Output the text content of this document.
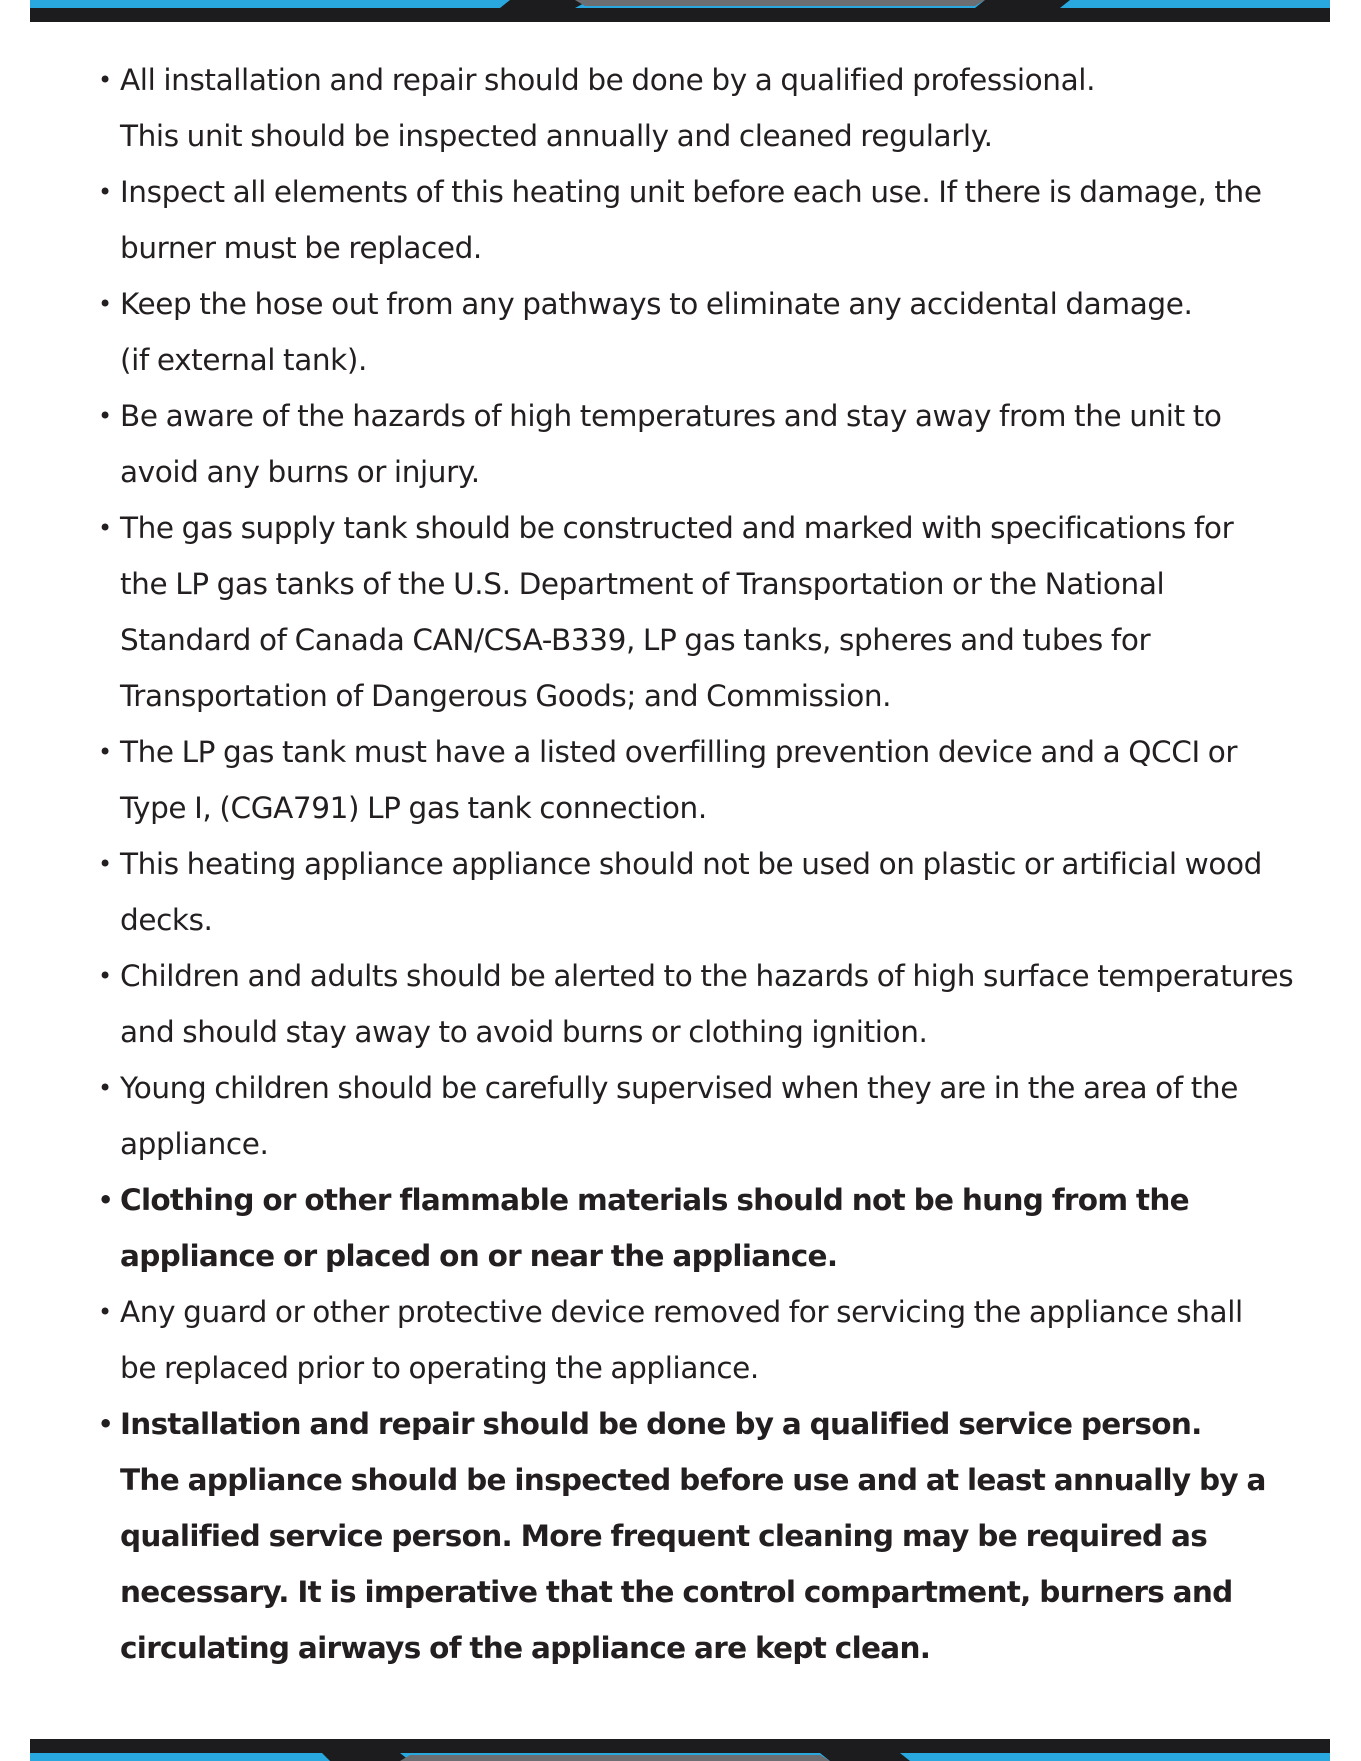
• All installation and repair should be done by a qualified professional.
This unit should be inspected annually and cleaned regularly.
• Inspect all elements of this heating unit before each use. If there is damage, the
burner must be replaced.
• Keep the hose out from any pathways to eliminate any accidental damage.
(if external tank).
• Be aware of the hazards of high temperatures and stay away from the unit to
avoid any burns or injury.
• The gas supply tank should be constructed and marked with specifications for
the LP gas tanks of the U.S. Department of Transportation or the National
Standard of Canada CAN/CSA-B339, LP gas tanks, spheres and tubes for
Transportation of Dangerous Goods; and Commission.
• The LP gas tank must have a listed overfilling prevention device and a QCCI or
Type I, (CGA791) LP gas tank connection.
• This heating appliance appliance should not be used on plastic or artificial wood
decks.
• Children and adults should be alerted to the hazards of high surface temperatures
and should stay away to avoid burns or clothing ignition.
• Young children should be carefully supervised when they are in the area of the
appliance.
• Clothing or other flammable materials should not be hung from the
appliance or placed on or near the appliance.
• Any guard or other protective device removed for servicing the appliance shall
be replaced prior to operating the appliance.
• Installation and repair should be done by a qualified service person.
The appliance should be inspected before use and at least annually by a
qualified service person. More frequent cleaning may be required as
necessary. It is imperative that the control compartment, burners and
circulating airways of the appliance are kept clean.
